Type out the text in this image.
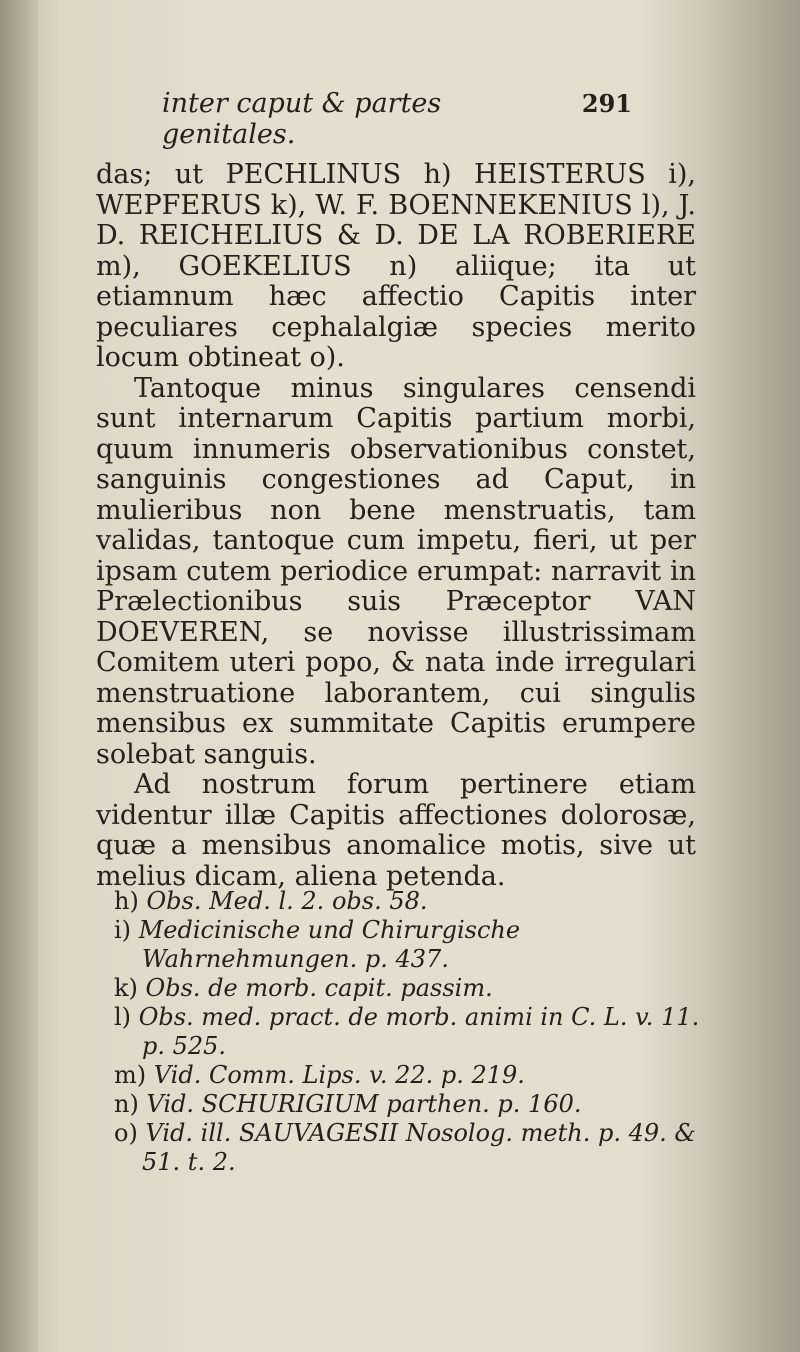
inter caput & partes genitales.
291

das; ut PECHLINUS h) HEISTERUS i), WEPFERUS k), W. F. BOENNEKENIUS l), J. D. REICHELIUS & D. DE LA ROBERIERE m), GOEKELIUS n) aliique; ita ut etiamnum hæc affectio Capitis inter peculiares cephalalgiæ species merito locum obtineat o).

Tantoque minus singulares censendi sunt internarum Capitis partium morbi, quum innumeris observationibus constet, sanguinis congestiones ad Caput, in mulieribus non bene menstruatis, tam validas, tantoque cum impetu, fieri, ut per ipsam cutem periodice erumpat: narravit in Prælectionibus suis Præceptor VAN DOEVEREN, se novisse illustrissimam Comitem uteri popo, & nata inde irregulari menstruatione laborantem, cui singulis mensibus ex summitate Capitis erumpere solebat sanguis.

Ad nostrum forum pertinere etiam videntur illæ Capitis affectiones dolorosæ, quæ a mensibus anomalice motis, sive ut melius dicam, aliena petenda.

h) Obs. Med. l. 2. obs. 58.

i) Medicinische und Chirurgische Wahrnehmungen. p. 437.

k) Obs. de morb. capit. passim.

l) Obs. med. pract. de morb. animi in C. L. v. 11. p. 525.

m) Vid. Comm. Lips. v. 22. p. 219.

n) Vid. SCHURIGIUM parthen. p. 160.

o) Vid. ill. SAUVAGESII Nosolog. meth. p. 49. & 51. t. 2.
